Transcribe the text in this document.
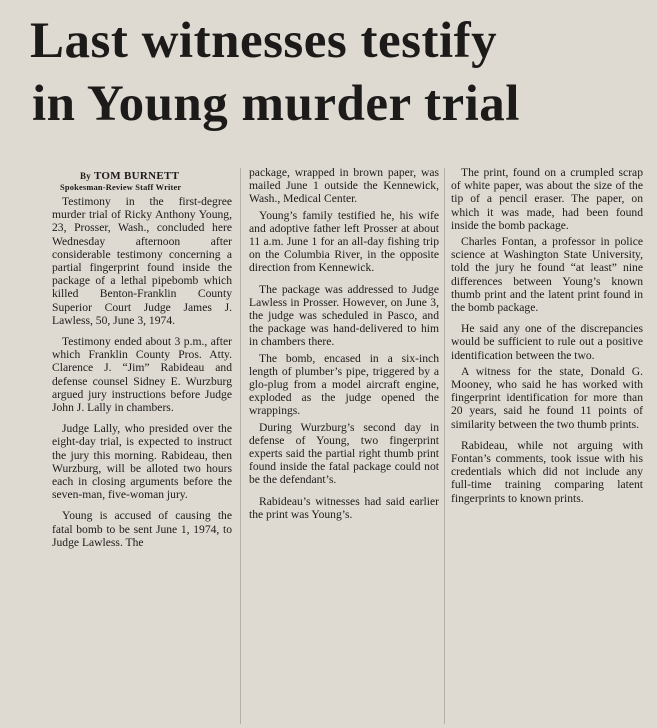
Last witnesses testify
in Young murder trial
By TOM BURNETT
Spokesman-Review Staff Writer

Testimony in the first-degree murder trial of Ricky Anthony Young, 23, Prosser, Wash., concluded here Wednesday afternoon after considerable testimony concerning a partial fingerprint found inside the package of a lethal pipebomb which killed Benton-Franklin County Superior Court Judge James J. Lawless, 50, June 3, 1974.

Testimony ended about 3 p.m., after which Franklin County Pros. Atty. Clarence J. “Jim” Rabideau and defense counsel Sidney E. Wurzburg argued jury instructions before Judge John J. Lally in chambers.

Judge Lally, who presided over the eight-day trial, is expected to instruct the jury this morning. Rabideau, then Wurzburg, will be alloted two hours each in closing arguments before the seven-man, five-woman jury.

Young is accused of causing the fatal bomb to be sent June 1, 1974, to Judge Lawless. The

package, wrapped in brown paper, was mailed June 1 outside the Kennewick, Wash., Medical Center.

Young’s family testified he, his wife and adoptive father left Prosser at about 11 a.m. June 1 for an all-day fishing trip on the Columbia River, in the opposite direction from Kennewick.

The package was addressed to Judge Lawless in Prosser. However, on June 3, the judge was scheduled in Pasco, and the package was hand-delivered to him in chambers there.

The bomb, encased in a six-inch length of plumber’s pipe, triggered by a glo-plug from a model aircraft engine, exploded as the judge opened the wrappings.

During Wurzburg’s second day in defense of Young, two fingerprint experts said the partial right thumb print found inside the fatal package could not be the defendant’s.

Rabideau’s witnesses had said earlier the print was Young’s.

The print, found on a crumpled scrap of white paper, was about the size of the tip of a pencil eraser. The paper, on which it was made, had been found inside the bomb package.

Charles Fontan, a professor in police science at Washington State University, told the jury he found “at least” nine differences between Young’s known thumb print and the latent print found in the bomb package.

He said any one of the discrepancies would be sufficient to rule out a positive identification between the two.

A witness for the state, Donald G. Mooney, who said he has worked with fingerprint identification for more than 20 years, said he found 11 points of similarity between the two thumb prints.

Rabideau, while not arguing with Fontan’s comments, took issue with his credentials which did not include any full-time training comparing latent fingerprints to known prints.
